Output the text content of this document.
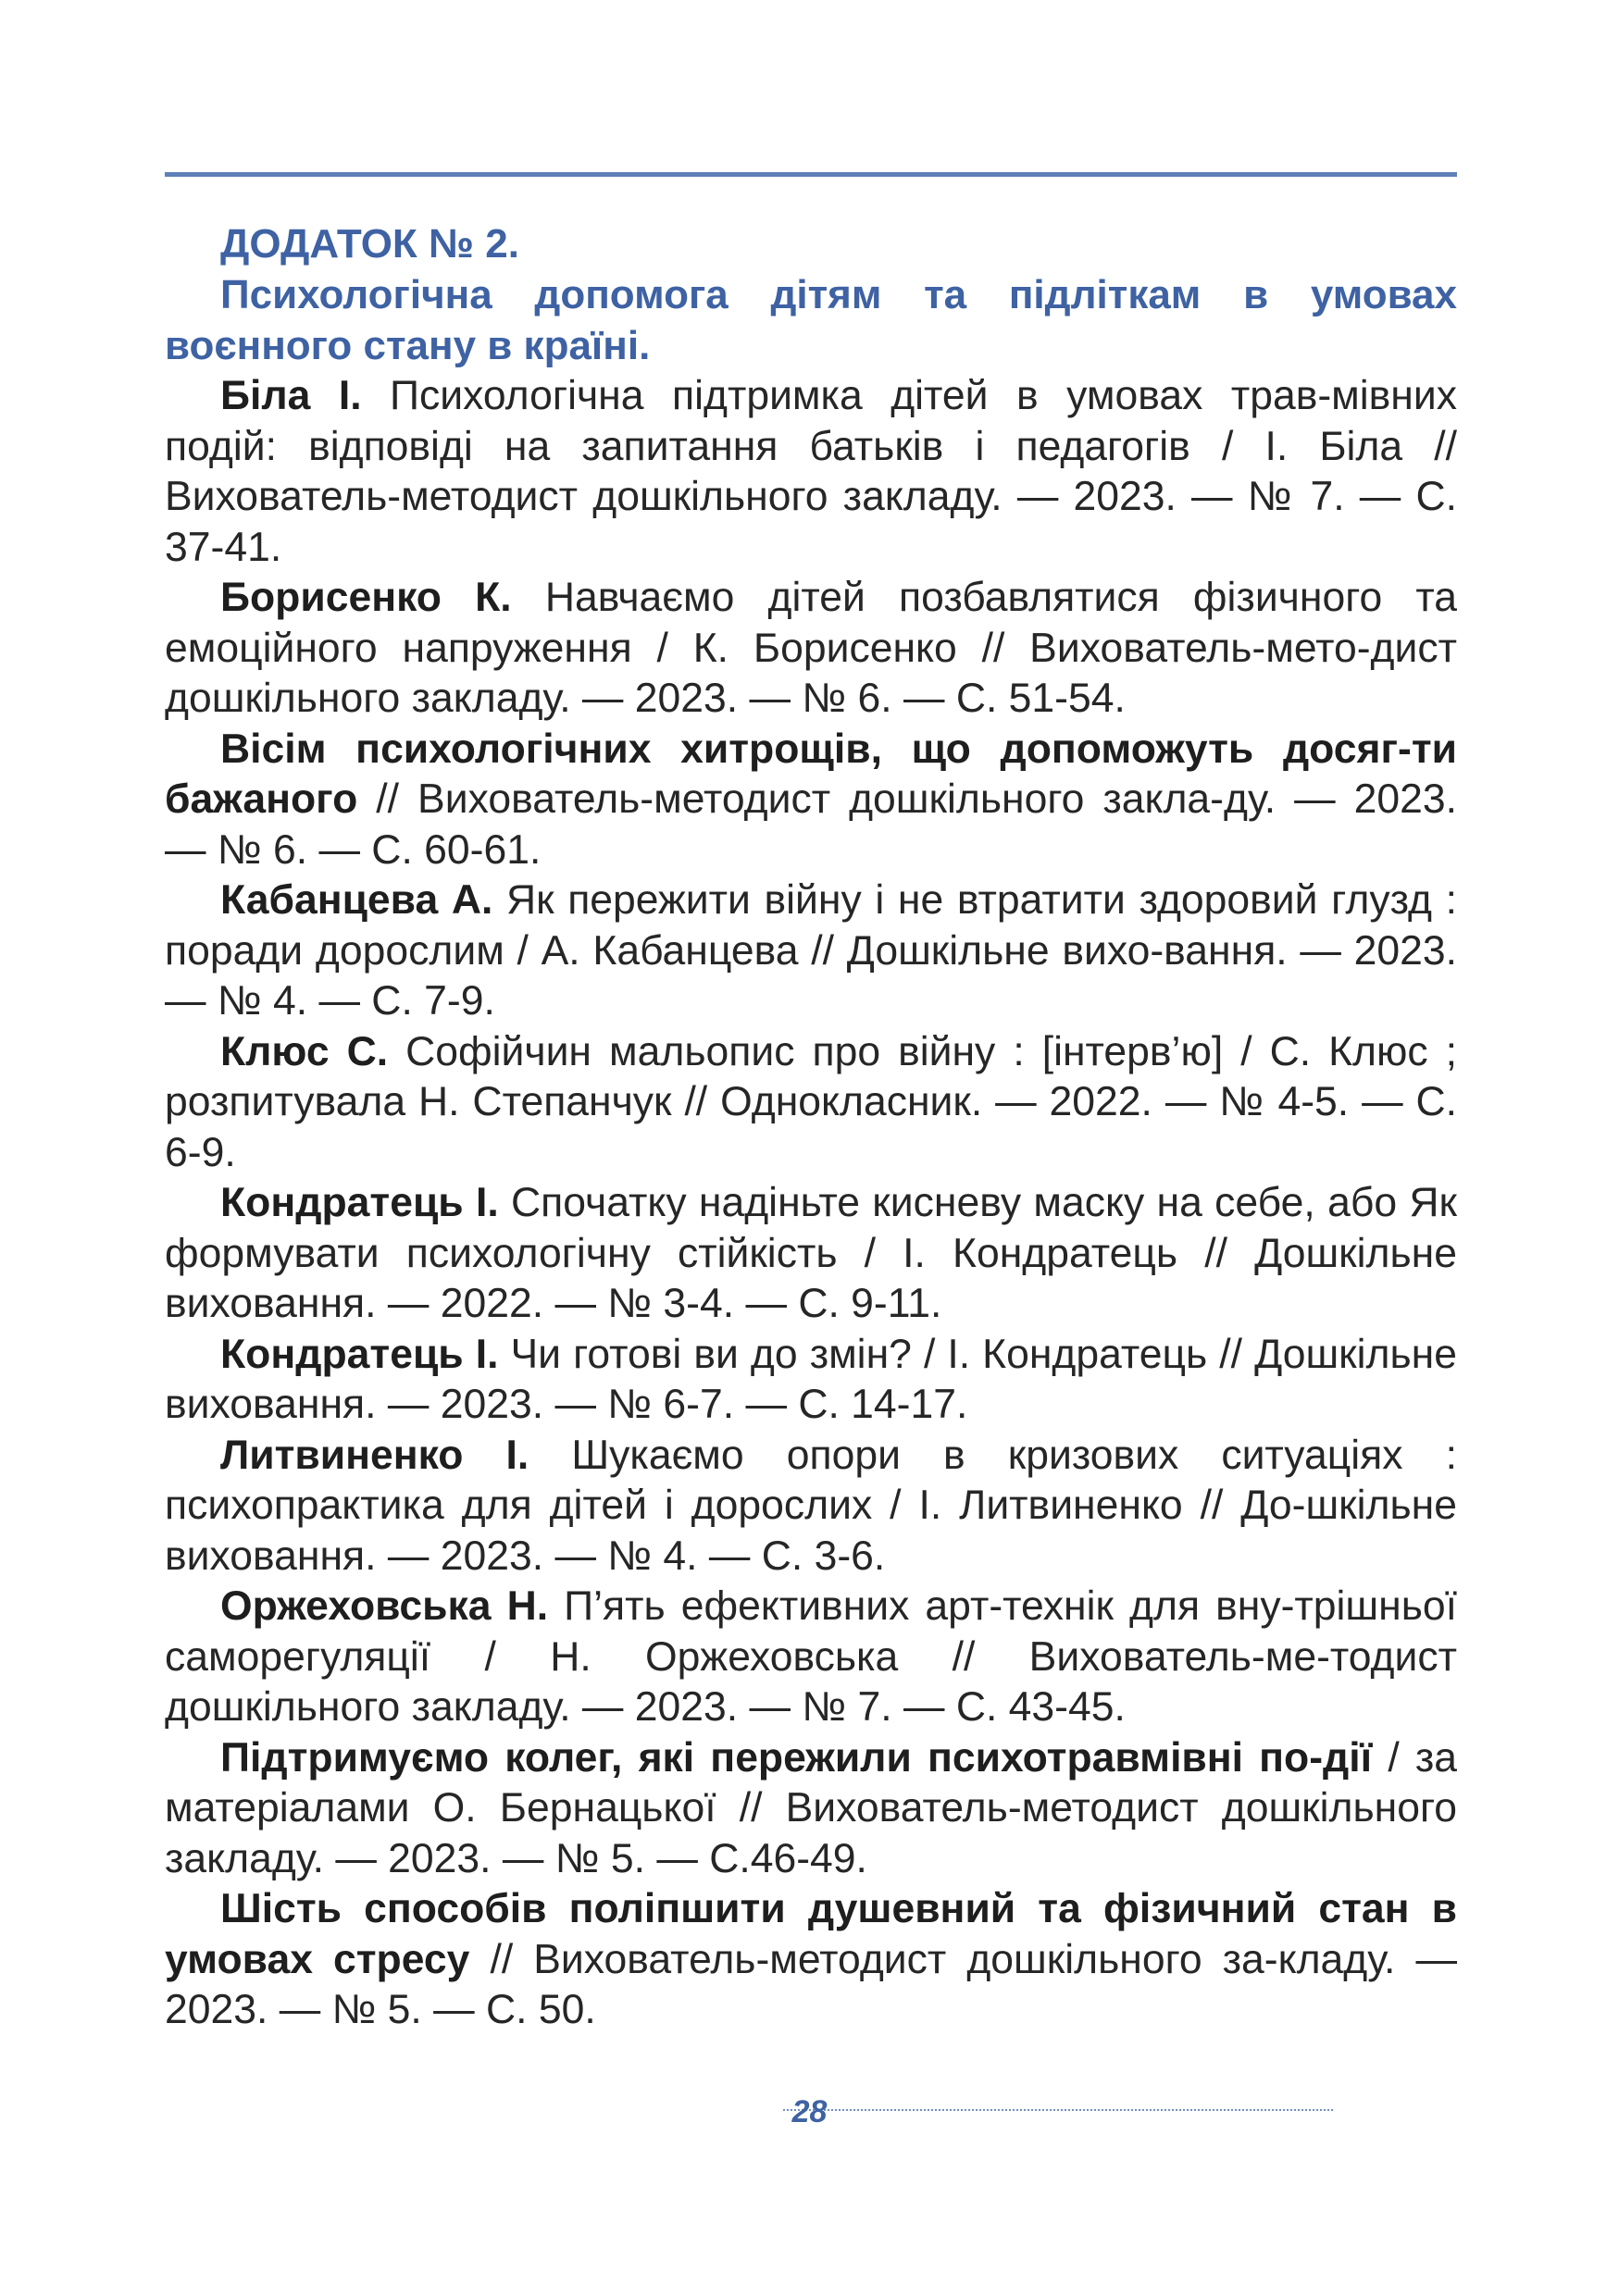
ДОДАТОК № 2.

Психологічна допомога дітям та підліткам в умовах воєнного стану в країні.

Біла І. Психологічна підтримка дітей в умовах трав-мівних подій: відповіді на запитання батьків і педагогів / І. Біла // Вихователь-методист дошкільного закладу. — 2023. — № 7. — С. 37-41.

Борисенко К. Навчаємо дітей позбавлятися фізичного та емоційного напруження / К. Борисенко // Вихователь-мето-дист дошкільного закладу. — 2023. — № 6. — С. 51-54.

Вісім психологічних хитрощів, що допоможуть досяг-ти бажаного // Вихователь-методист дошкільного закла-ду. — 2023. — № 6. — С. 60-61.

Кабанцева А. Як пережити війну і не втратити здоровий глузд : поради дорослим / А. Кабанцева // Дошкільне вихо-вання. — 2023. — № 4. — С. 7-9.

Клюс С. Софійчин мальопис про війну : [інтерв’ю] / С. Клюс ; розпитувала Н. Степанчук // Однокласник. — 2022. — № 4-5. — С. 6-9.

Кондратець І. Спочатку надіньте кисневу маску на себе, або Як формувати психологічну стійкість / І. Кондратець // Дошкільне виховання. — 2022. — № 3-4. — С. 9-11.

Кондратець І. Чи готові ви до змін? / І. Кондратець // Дошкільне виховання. — 2023. — № 6-7. — С. 14-17.

Литвиненко І. Шукаємо опори в кризових ситуаціях : психопрактика для дітей і дорослих / І. Литвиненко // До-шкільне виховання. — 2023. — № 4. — С. 3-6.

Оржеховська Н. П’ять ефективних арт-технік для вну-трішньої саморегуляції / Н. Оржеховська // Вихователь-ме-тодист дошкільного закладу. — 2023. — № 7. — С. 43-45.

Підтримуємо колег, які пережили психотравмівні по-дії / за матеріалами О. Бернацької // Вихователь-методист дошкільного закладу. — 2023. — № 5. — С.46-49.

Шість способів поліпшити душевний та фізичний стан в умовах стресу // Вихователь-методист дошкільного за-кладу. — 2023. — № 5. — С. 50.

28
